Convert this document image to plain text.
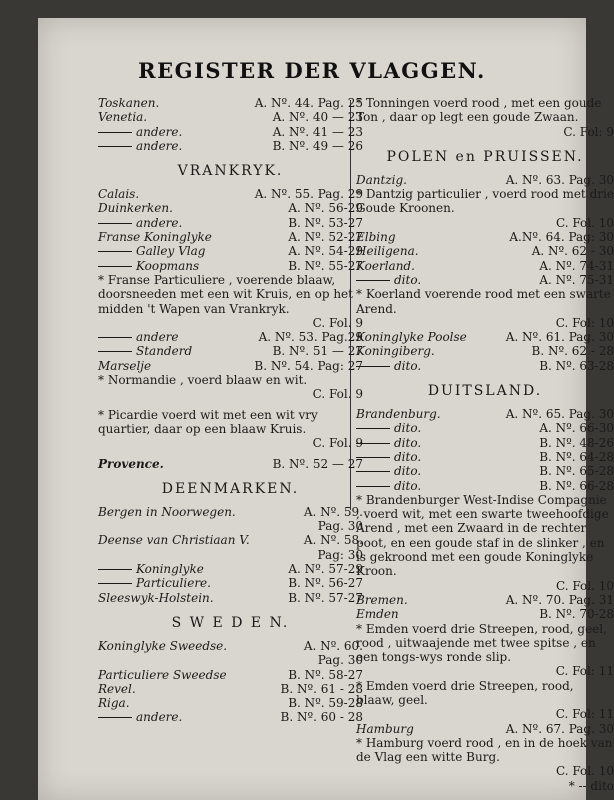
REGISTER DER VLAGGEN.
Toskanen.	A. Nº. 44. Pag. 25
Venetia.	A. Nº. 40 — 23
andere.	A. Nº. 41 — 23
andere.	B. Nº. 49 — 26
VRANKRYK.
Calais.	A. Nº. 55. Pag. 29
Duinkerken.	A. Nº. 56-29
andere.	B. Nº. 53-27
Franse Koninglyke	A. Nº. 52-27
Galley Vlag	A. Nº. 54-29
Koopmans	B. Nº. 55-27
* Franse Particuliere , voerende blaaw, doorsneeden met een wit Kruis, en op het midden 't Wapen van Vrankryk.
C. Fol. 9
andere	A. Nº. 53. Pag.29
Standerd	B. Nº. 51 — 27
Marselje	B. Nº. 54. Pag: 27
* Normandie , voerd blaaw en wit.
C. Fol. 9
* Picardie voerd wit met een wit vry quartier, daar op een blaaw Kruis.
C. Fol. 9
Provence.	B. Nº. 52 — 27
DEENMARKEN.
Bergen in Noorwegen.	A. Nº. 59.
Pag. 30
Deense van Christiaan V.	A. Nº. 58.
Pag: 30
Koninglyke	A. Nº. 57-29
Particuliere.	B. Nº. 56-27
Sleeswyk-Holstein.	B. Nº. 57-27
S W E D E N.
Koninglyke Sweedse.	A. Nº. 60.
Pag. 30
Particuliere Sweedse	B. Nº. 58-27
Revel.	B. Nº. 61 - 28
Riga.	B. Nº. 59-28
andere.	B. Nº. 60 - 28
* Tonningen voerd rood , met een goude Ton , daar op legt een goude Zwaan.
C. Fol: 9
POLEN en PRUISSEN.
Dantzig.	A. Nº. 63. Pag. 30
* Dantzig particulier , voerd rood met drie Goude Kroonen.
C. Fol. 10
Elbing	A.Nº. 64. Pag: 30
Heiligena.	A. Nº. 62 - 30
Koerland.	A. Nº. 74-31
dito.	A. Nº. 75-31
* Koerland voerende rood met een swarte Arend.
C. Fol: 10
Koninglyke Poolse	A. Nº. 61. Pag. 30
Koningiberg.	B. Nº. 62 - 28
dito.	B. Nº. 63-28
DUITSLAND.
Brandenburg.	A. Nº. 65. Pag. 30
dito.	A. Nº. 66-30
dito.	B. Nº. 48-26
dito.	B. Nº. 64-28
dito.	B. Nº. 65-28
dito.	B. Nº. 66-28
* Brandenburger West-Indise Compagnie , voerd wit, met een swarte tweehoofdige Arend , met een Zwaard in de rechter poot, en een goude staf in de slinker , en is gekroond met een goude Koninglyke Kroon.
C. Fol. 10
Bremen.	A. Nº. 70. Pag. 31
Emden	B. Nº. 70-28
* Emden voerd drie Streepen, rood, geel, rood , uitwaajende met twee spitse , en een tongs-wys ronde slip.
C. Fol: 11
* Emden voerd drie Streepen, rood, blaaw, geel.
C. Fol: 11
Hamburg	A. Nº. 67. Pag. 30
* Hamburg voerd rood , en in de hoek van de Vlag een witte Burg.
C. Fol. 10
* -- dito
